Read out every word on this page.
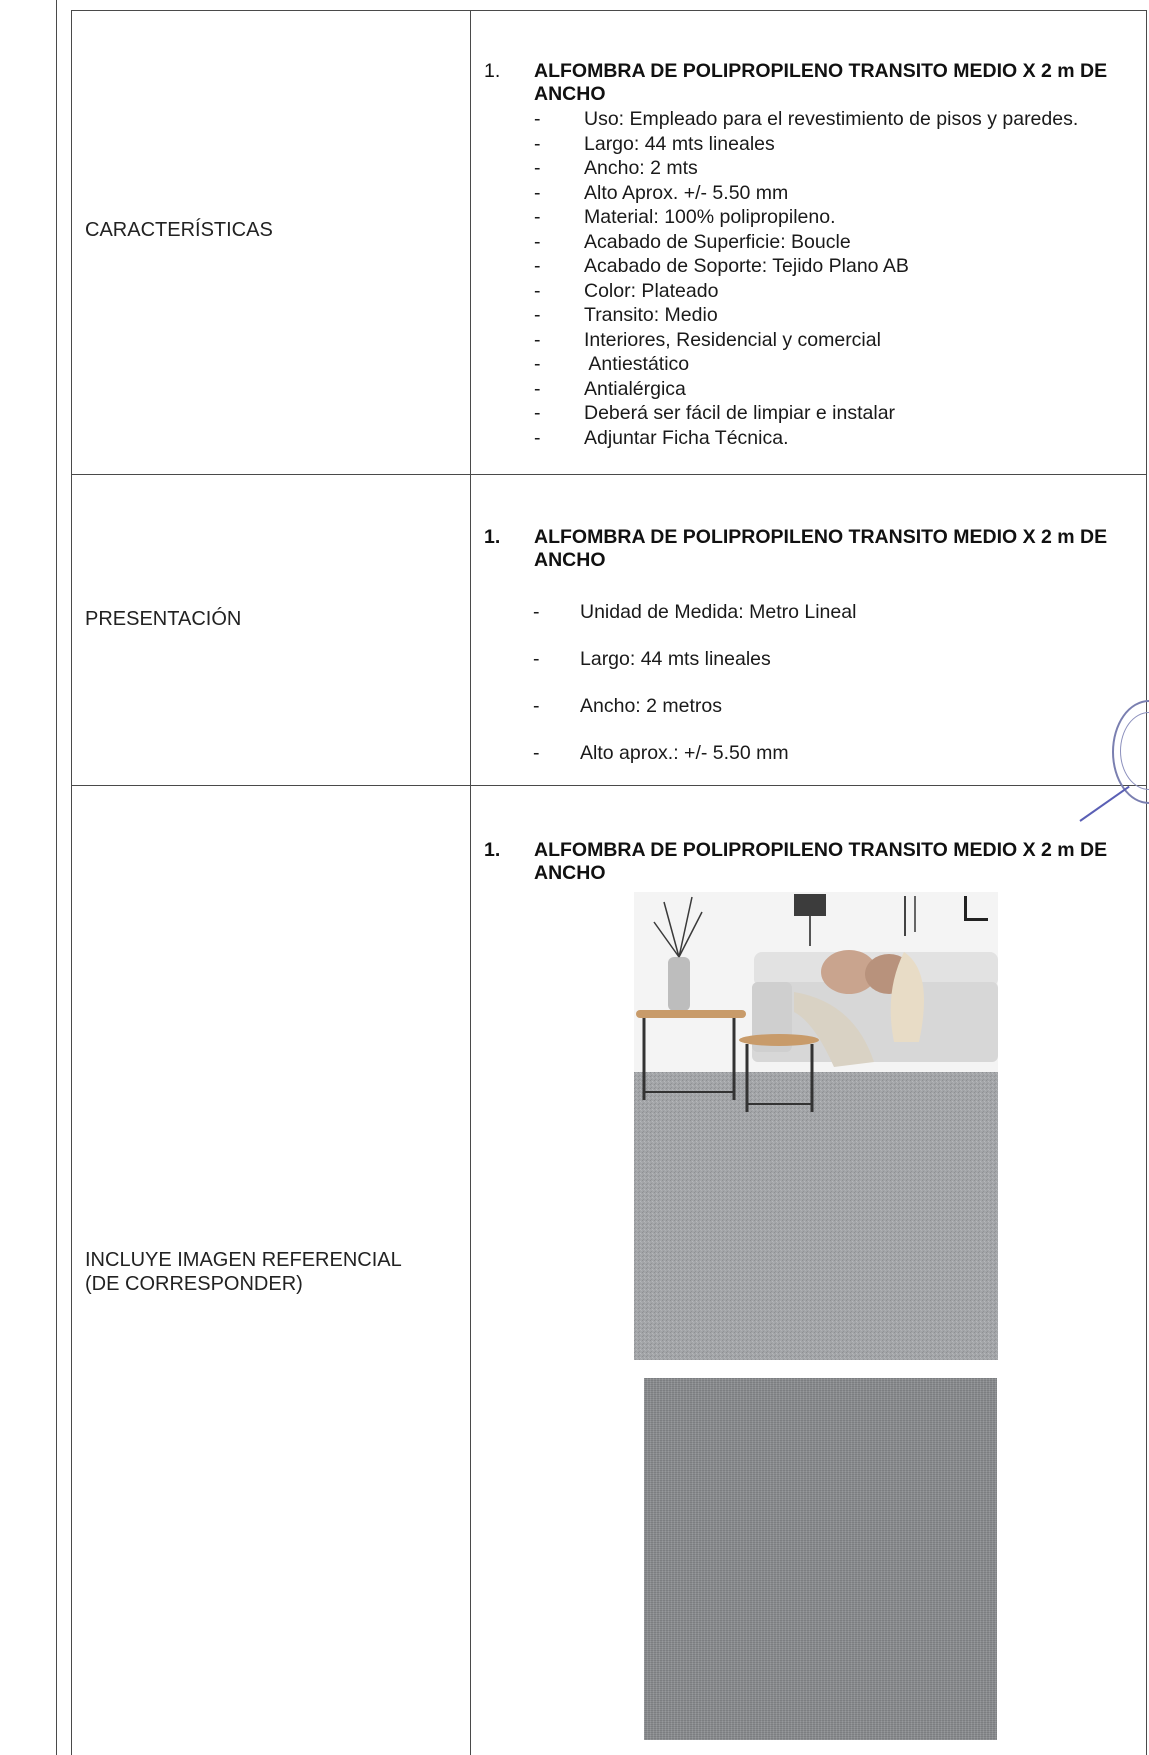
CARACTERÍSTICAS
1. ALFOMBRA DE POLIPROPILENO TRANSITO MEDIO X 2 m DE ANCHO
- Uso: Empleado para el revestimiento de pisos y paredes.
- Largo: 44 mts lineales
- Ancho: 2 mts
- Alto Aprox. +/- 5.50 mm
- Material: 100% polipropileno.
- Acabado de Superficie: Boucle
- Acabado de Soporte: Tejido Plano AB
- Color: Plateado
- Transito: Medio
- Interiores, Residencial y comercial
-  Antiestático
- Antialérgica
- Deberá ser fácil de limpiar e instalar
- Adjuntar Ficha Técnica.
PRESENTACIÓN
1. ALFOMBRA DE POLIPROPILENO TRANSITO MEDIO X 2 m DE ANCHO
- Unidad de Medida: Metro Lineal
- Largo: 44 mts lineales
- Ancho: 2 metros
- Alto aprox.: +/- 5.50 mm
INCLUYE IMAGEN REFERENCIAL
(DE CORRESPONDER)
1. ALFOMBRA DE POLIPROPILENO TRANSITO MEDIO X 2 m DE ANCHO
